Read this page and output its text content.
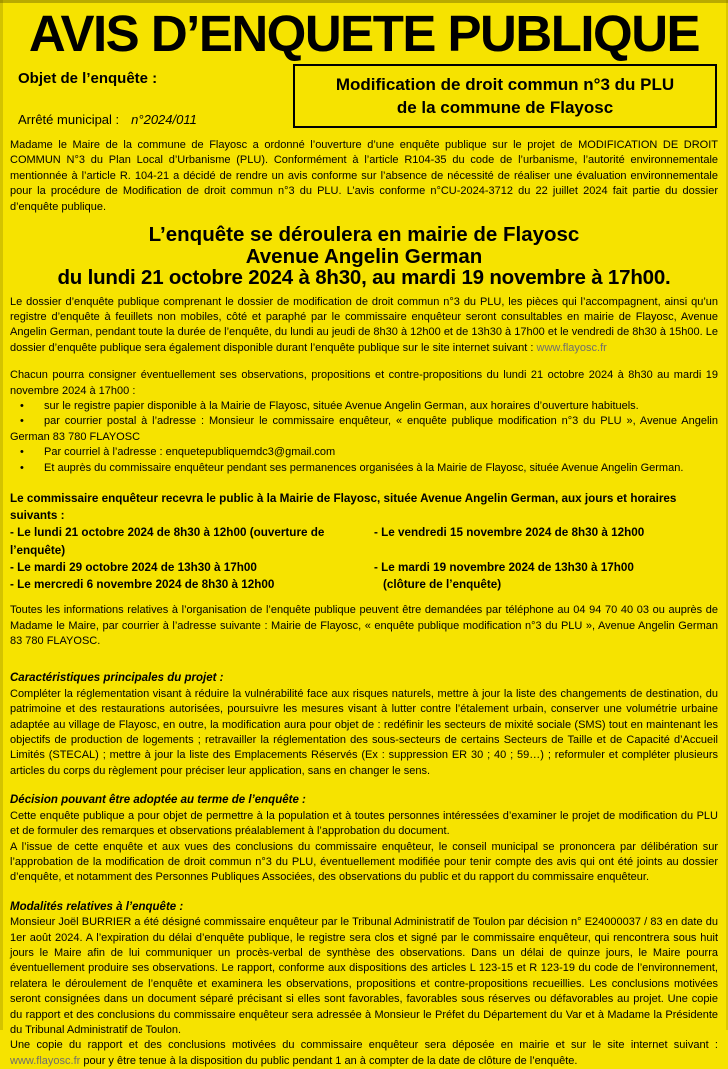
AVIS D’ENQUETE PUBLIQUE
Objet de l’enquête :
Arrêté municipal : n°2024/011
Modification de droit commun n°3 du PLU
de la commune de Flayosc

Madame le Maire de la commune de Flayosc a ordonné l’ouverture d’une enquête publique sur le projet de MODIFICATION DE DROIT COMMUN N°3 du Plan Local d’Urbanisme (PLU). Conformément à l’article R104-35 du code de l’urbanisme, l’autorité environnementale mentionnée à l’article R. 104-21 a décidé de rendre un avis conforme sur l’absence de nécessité de réaliser une évaluation environnementale pour la procédure de Modification de droit commun n°3 du PLU. L’avis conforme n°CU-2024-3712 du 22 juillet 2024 fait partie du dossier d’enquête publique.

L’enquête se déroulera en mairie de Flayosc
Avenue Angelin German
du lundi 21 octobre 2024 à 8h30, au mardi 19 novembre à 17h00.

Le dossier d’enquête publique comprenant le dossier de modification de droit commun n°3 du PLU, les pièces qui l’accompagnent, ainsi qu’un registre d’enquête à feuillets non mobiles, côté et paraphé par le commissaire enquêteur seront consultables en mairie de Flayosc, Avenue Angelin German, pendant toute la durée de l’enquête, du lundi au jeudi de 8h30 à 12h00 et de 13h30 à 17h00 et le vendredi de 8h30 à 15h00. Le dossier d’enquête publique sera également disponible durant l’enquête publique sur le site internet suivant : www.flayosc.fr

Chacun pourra consigner éventuellement ses observations, propositions et contre-propositions du lundi 21 octobre 2024 à 8h30 au mardi 19 novembre 2024 à 17h00 :

• sur le registre papier disponible à la Mairie de Flayosc, située Avenue Angelin German, aux horaires d’ouverture habituels.
• par courrier postal à l’adresse : Monsieur le commissaire enquêteur, « enquête publique modification n°3 du PLU », Avenue Angelin German 83 780 FLAYOSC
• Par courriel à l’adresse : enquetepubliquemdc3@gmail.com
• Et auprès du commissaire enquêteur pendant ses permanences organisées à la Mairie de Flayosc, située Avenue Angelin German.
Le commissaire enquêteur recevra le public à la Mairie de Flayosc, située Avenue Angelin German, aux jours et horaires suivants :
- Le lundi 21 octobre 2024 de 8h30 à 12h00 (ouverture de l’enquête)
- Le vendredi 15 novembre 2024 de 8h30 à 12h00
- Le mardi 29 octobre 2024 de 13h30 à 17h00	- Le mardi 19 novembre 2024 de 13h30 à 17h00
- Le mercredi 6 novembre 2024 de 8h30 à 12h00	(clôture de l’enquête)

Toutes les informations relatives à l’organisation de l’enquête publique peuvent être demandées par téléphone au 04 94 70 40 03 ou auprès de Madame le Maire, par courrier à l’adresse suivante : Mairie de Flayosc, « enquête publique modification n°3 du PLU », Avenue Angelin German 83 780 FLAYOSC.

Caractéristiques principales du projet :

Compléter la réglementation visant à réduire la vulnérabilité face aux risques naturels, mettre à jour la liste des changements de destination, du patrimoine et des restaurations autorisées, poursuivre les mesures visant à lutter contre l’étalement urbain, conserver une volumétrie urbaine adaptée au village de Flayosc, en outre, la modification aura pour objet de : redéfinir les secteurs de mixité sociale (SMS) tout en maintenant les objectifs de production de logements ; retravailler la réglementation des sous-secteurs de certains Secteurs de Taille et de Capacité d’Accueil Limités (STECAL) ; mettre à jour la liste des Emplacements Réservés (Ex : suppression ER 30 ; 40 ; 59…) ; reformuler et compléter plusieurs articles du corps du règlement pour préciser leur application, sans en changer le sens.

Décision pouvant être adoptée au terme de l’enquête :

Cette enquête publique a pour objet de permettre à la population et à toutes personnes intéressées d’examiner le projet de modification du PLU et de formuler des remarques et observations préalablement à l’approbation du document.

A l’issue de cette enquête et aux vues des conclusions du commissaire enquêteur, le conseil municipal se prononcera par délibération sur l’approbation de la modification de droit commun n°3 du PLU, éventuellement modifiée pour tenir compte des avis qui ont été joints au dossier d’enquête, et notamment des Personnes Publiques Associées, des observations du public et du rapport du commissaire enquêteur.

Modalités relatives à l’enquête :

Monsieur Joël BURRIER a été désigné commissaire enquêteur par le Tribunal Administratif de Toulon par décision n° E24000037 / 83 en date du 1er août 2024. A l’expiration du délai d’enquête publique, le registre sera clos et signé par le commissaire enquêteur, qui rencontrera sous huit jours le Maire afin de lui communiquer un procès-verbal de synthèse des observations. Dans un délai de quinze jours, le Maire pourra éventuellement produire ses observations. Le rapport, conforme aux dispositions des articles L 123-15 et R 123-19 du code de l’environnement, relatera le déroulement de l’enquête et examinera les observations, propositions et contre-propositions recueillies. Les conclusions motivées seront consignées dans un document séparé précisant si elles sont favorables, favorables sous réserves ou défavorables au projet. Une copie du rapport et des conclusions du commissaire enquêteur sera adressée à Monsieur le Préfet du Département du Var et à Madame la Présidente du Tribunal Administratif de Toulon.

Une copie du rapport et des conclusions motivées du commissaire enquêteur sera déposée en mairie et sur le site internet suivant : www.flayosc.fr pour y être tenue à la disposition du public pendant 1 an à compter de la date de clôture de l’enquête.
